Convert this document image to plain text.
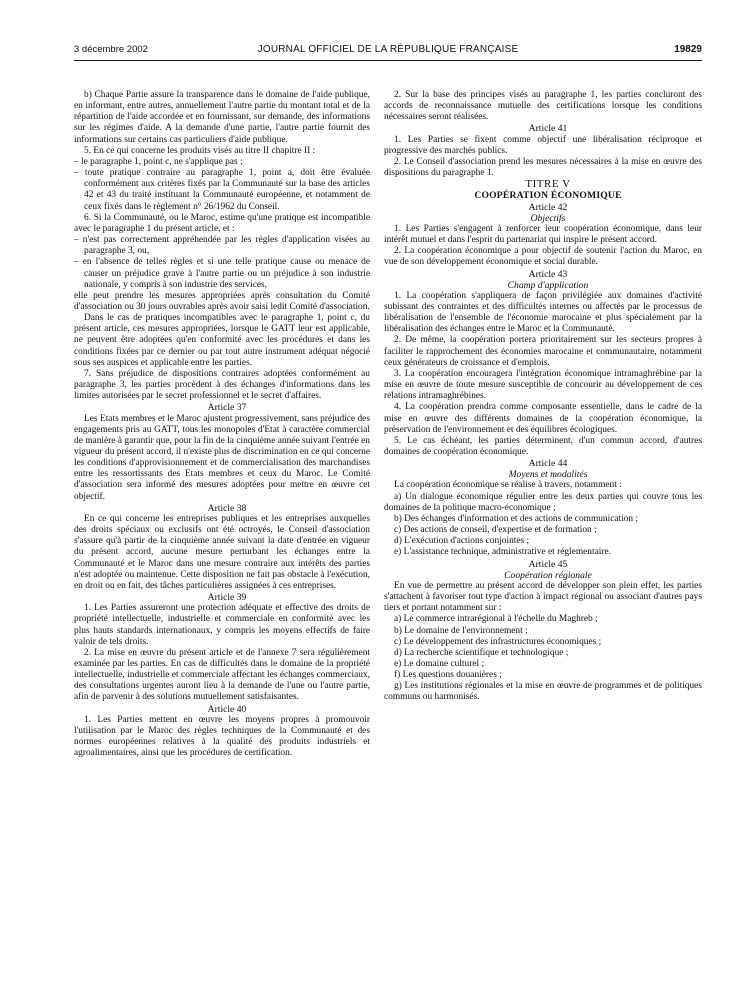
3 décembre 2002	JOURNAL OFFICIEL DE LA RÉPUBLIQUE FRANÇAISE	19829

b) Chaque Partie assure la transparence dans le domaine de l'aide publique, en informant, entre autres, annuellement l'autre partie du montant total et de la répartition de l'aide accordée et en fournissant, sur demande, des informations sur les régimes d'aide. A la demande d'une partie, l'autre partie fournit des informations sur certains cas particuliers d'aide publique.

5. En ce qui concerne les produits visés au titre II chapitre II :

– le paragraphe 1, point c, ne s'applique pas ;

– toute pratique contraire au paragraphe 1, point a, doit être évaluée conformément aux critères fixés par la Communauté sur la base des articles 42 et 43 du traité instituant la Communauté européenne, et notamment de ceux fixés dans le règlement n° 26/1962 du Conseil.

6. Si la Communauté, ou le Maroc, estime qu'une pratique est incompatible avec le paragraphe 1 du présent article, et :

– n'est pas correctement appréhendée par les règles d'application visées au paragraphe 3, ou,

– en l'absence de telles règles et si une telle pratique cause ou menace de causer un préjudice grave à l'autre partie ou un préjudice à son industrie nationale, y compris à son industrie des services,

elle peut prendre les mesures appropriées après consultation du Comité d'association ou 30 jours ouvrables après avoir saisi ledit Comité d'association.

Dans le cas de pratiques incompatibles avec le paragraphe 1, point c, du présent article, ces mesures appropriées, lorsque le GATT leur est applicable, ne peuvent être adoptées qu'en conformité avec les procédures et dans les conditions fixées par ce dernier ou par tout autre instrument adéquat négocié sous ses auspices et applicable entre les parties.

7. Sans préjudice de dispositions contraires adoptées conformément au paragraphe 3, les parties procèdent à des échanges d'informations dans les limites autorisées par le secret professionnel et le secret d'affaires.

Article 37

Les Etats membres et le Maroc ajustent progressivement, sans préjudice des engagements pris au GATT, tous les monopoles d'Etat à caractère commercial de manière à garantir que, pour la fin de la cinquième année suivant l'entrée en vigueur du présent accord, il n'existe plus de discrimination en ce qui concerne les conditions d'approvisionnement et de commercialisation des marchandises entre les ressortissants des Etats membres et ceux du Maroc. Le Comité d'association sera informé des mesures adoptées pour mettre en œuvre cet objectif.

Article 38

En ce qui concerne les entreprises publiques et les entreprises auxquelles des droits spéciaux ou exclusifs ont été octroyés, le Conseil d'association s'assure qu'à partir de la cinquième année suivant la date d'entrée en vigueur du présent accord, aucune mesure perturbant les échanges entre la Communauté et le Maroc dans une mesure contraire aux intérêts des parties n'est adoptée ou maintenue. Cette disposition ne fait pas obstacle à l'exécution, en droit ou en fait, des tâches particulières assignées à ces entreprises.

Article 39

1. Les Parties assureront une protection adéquate et effective des droits de propriété intellectuelle, industrielle et commerciale en conformité avec les plus hauts standards internationaux, y compris les moyens effectifs de faire valoir de tels droits.

2. La mise en œuvre du présent article et de l'annexe 7 sera régulièrement examinée par les parties. En cas de difficultés dans le domaine de la propriété intellectuelle, industrielle et commerciale affectant les échanges commerciaux, des consultations urgentes auront lieu à la demande de l'une ou l'autre partie, afin de parvenir à des solutions mutuellement satisfaisantes.

Article 40

1. Les Parties mettent en œuvre les moyens propres à promouvoir l'utilisation par le Maroc des règles techniques de la Communauté et des normes européennes relatives à la qualité des produits industriels et agroalimentaires, ainsi que les procédures de certification.

2. Sur la base des principes visés au paragraphe 1, les parties concluront des accords de reconnaissance mutuelle des certifications lorsque les conditions nécessaires seront réalisées.

Article 41

1. Les Parties se fixent comme objectif une libéralisation réciproque et progressive des marchés publics.

2. Le Conseil d'association prend les mesures nécessaires à la mise en œuvre des dispositions du paragraphe 1.

TITRE V

COOPÉRATION ÉCONOMIQUE

Article 42

Objectifs

1. Les Parties s'engagent à renforcer leur coopération économique, dans leur intérêt mutuel et dans l'esprit du partenariat qui inspire le présent accord.

2. La coopération économique a pour objectif de soutenir l'action du Maroc, en vue de son développement économique et social durable.

Article 43

Champ d'application

1. La coopération s'appliquera de façon privilégiée aux domaines d'activité subissant des contraintes et des difficultés internes ou affectés par le processus de libéralisation de l'ensemble de l'économie marocaine et plus spécialement par la libéralisation des échanges entre le Maroc et la Communauté.

2. De même, la coopération portera prioritairement sur les secteurs propres à faciliter le rapprochement des économies marocaine et communautaire, notamment ceux générateurs de croissance et d'emplois.

3. La coopération encouragera l'intégration économique intramaghrébine par la mise en œuvre de toute mesure susceptible de concourir au développement de ces relations intramaghrébines.

4. La coopération prendra comme composante essentielle, dans le cadre de la mise en œuvre des différents domaines de la coopération économique, la préservation de l'environnement et des équilibres écologiques.

5. Le cas échéant, les parties déterminent, d'un commun accord, d'autres domaines de coopération économique.

Article 44

Moyens et modalités

La coopération économique se réalise à travers, notamment :

a) Un dialogue économique régulier entre les deux parties qui couvre tous les domaines de la politique macro-économique ;

b) Des échanges d'information et des actions de communication ;

c) Des actions de conseil, d'expertise et de formation ;

d) L'exécution d'actions conjointes ;

e) L'assistance technique, administrative et réglementaire.

Article 45

Coopération régionale

En vue de permettre au présent accord de développer son plein effet, les parties s'attachent à favoriser tout type d'action à impact régional ou associant d'autres pays tiers et portant notamment sur :

a) Le commerce intrarégional à l'échelle du Maghreb ;

b) Le domaine de l'environnement ;

c) Le développement des infrastructures économiques ;

d) La recherche scientifique et technologique ;

e) Le domaine culturel ;

f) Les questions douanières ;

g) Les institutions régionales et la mise en œuvre de programmes et de politiques communs ou harmonisés.
